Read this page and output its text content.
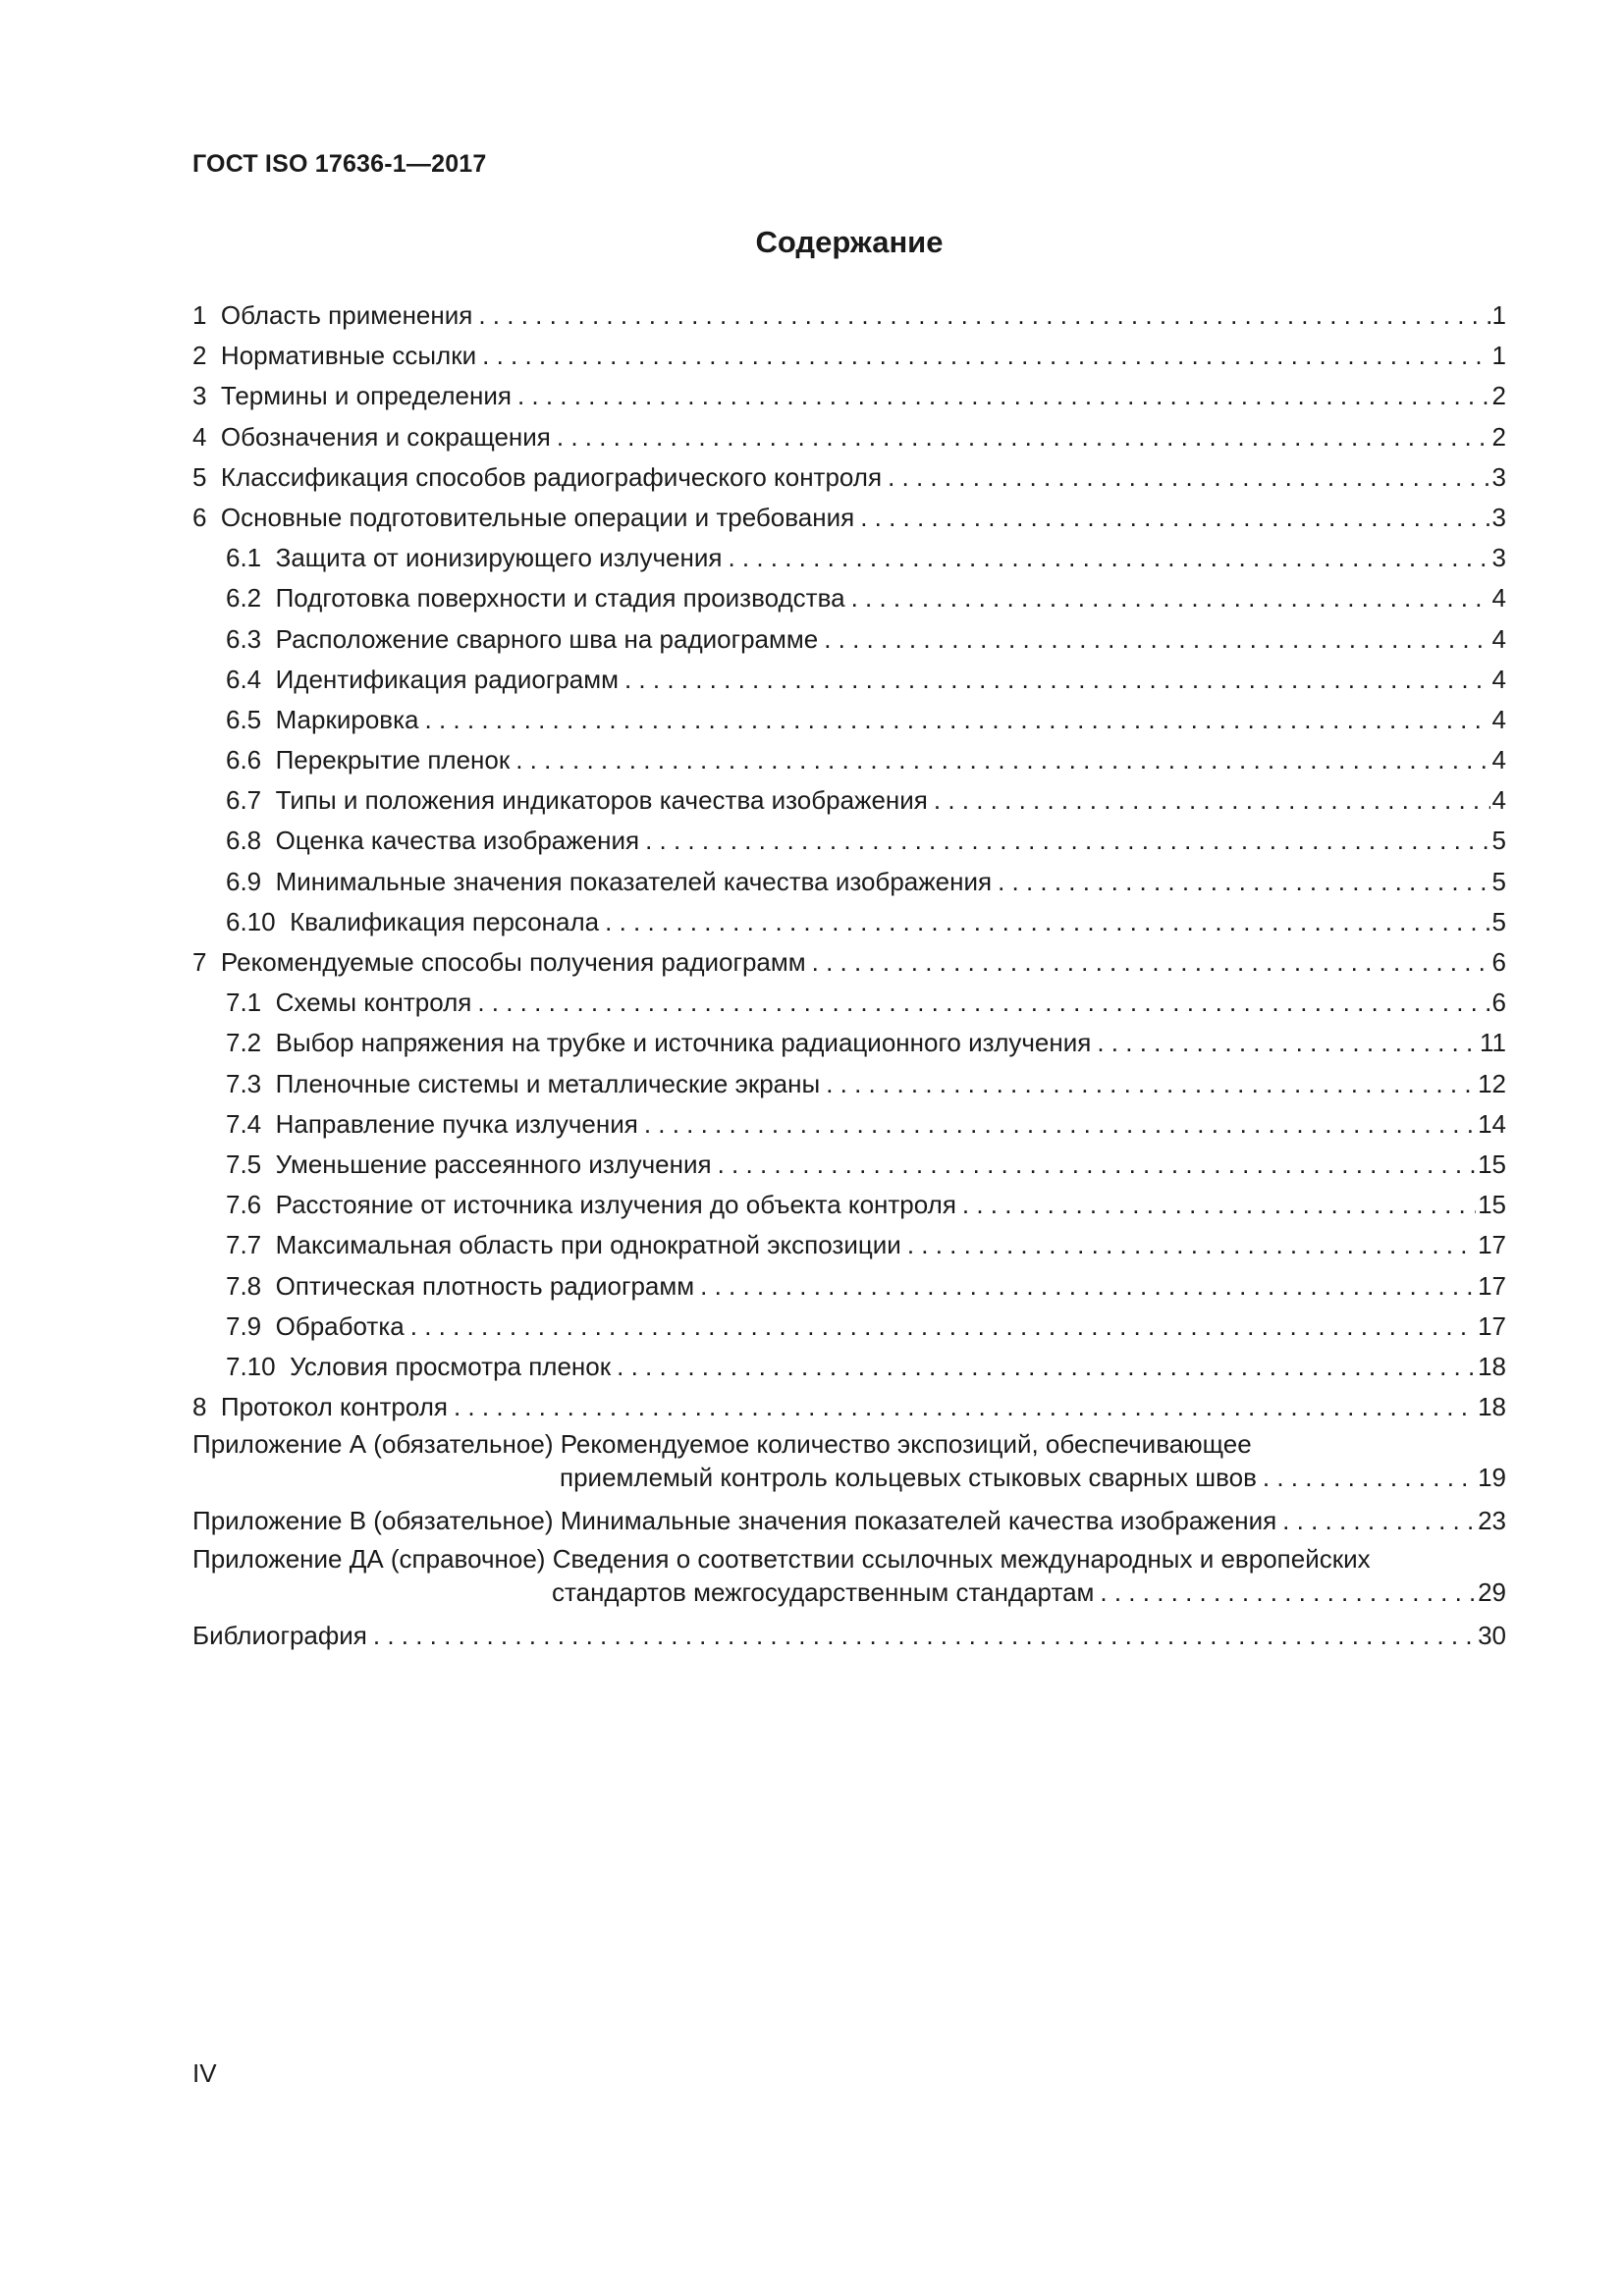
ГОСТ ISO 17636-1—2017
Содержание
1 Область применения . . .	1
2 Нормативные ссылки . . .	1
3 Термины и определения . . .	2
4 Обозначения и сокращения . . .	2
5 Классификация способов радиографического контроля . . .	3
6 Основные подготовительные операции и требования . . .	3
6.1 Защита от ионизирующего излучения . . .	3
6.2 Подготовка поверхности и стадия производства . . .	4
6.3 Расположение сварного шва на радиограмме . . .	4
6.4 Идентификация радиограмм . . .	4
6.5 Маркировка . . .	4
6.6 Перекрытие пленок . . .	4
6.7 Типы и положения индикаторов качества изображения . . .	4
6.8 Оценка качества изображения . . .	5
6.9 Минимальные значения показателей качества изображения . . .	5
6.10 Квалификация персонала . . .	5
7 Рекомендуемые способы получения радиограмм . . .	6
7.1 Схемы контроля . . .	6
7.2 Выбор напряжения на трубке и источника радиационного излучения . . .	11
7.3 Пленочные системы и металлические экраны . . .	12
7.4 Направление пучка излучения . . .	14
7.5 Уменьшение рассеянного излучения . . .	15
7.6 Расстояние от источника излучения до объекта контроля . . .	15
7.7 Максимальная область при однократной экспозиции . . .	17
7.8 Оптическая плотность радиограмм . . .	17
7.9 Обработка . . .	17
7.10 Условия просмотра пленок . . .	18
8 Протокол контроля . . .	18
Приложение А (обязательное) Рекомендуемое количество экспозиций, обеспечивающее
приемлемый контроль кольцевых стыковых сварных швов . . .	19
Приложение В (обязательное) Минимальные значения показателей качества изображения . . .	23
Приложение ДА (справочное) Сведения о соответствии ссылочных международных и европейских
стандартов межгосударственным стандартам . . .	29
Библиография . . .	30
IV
